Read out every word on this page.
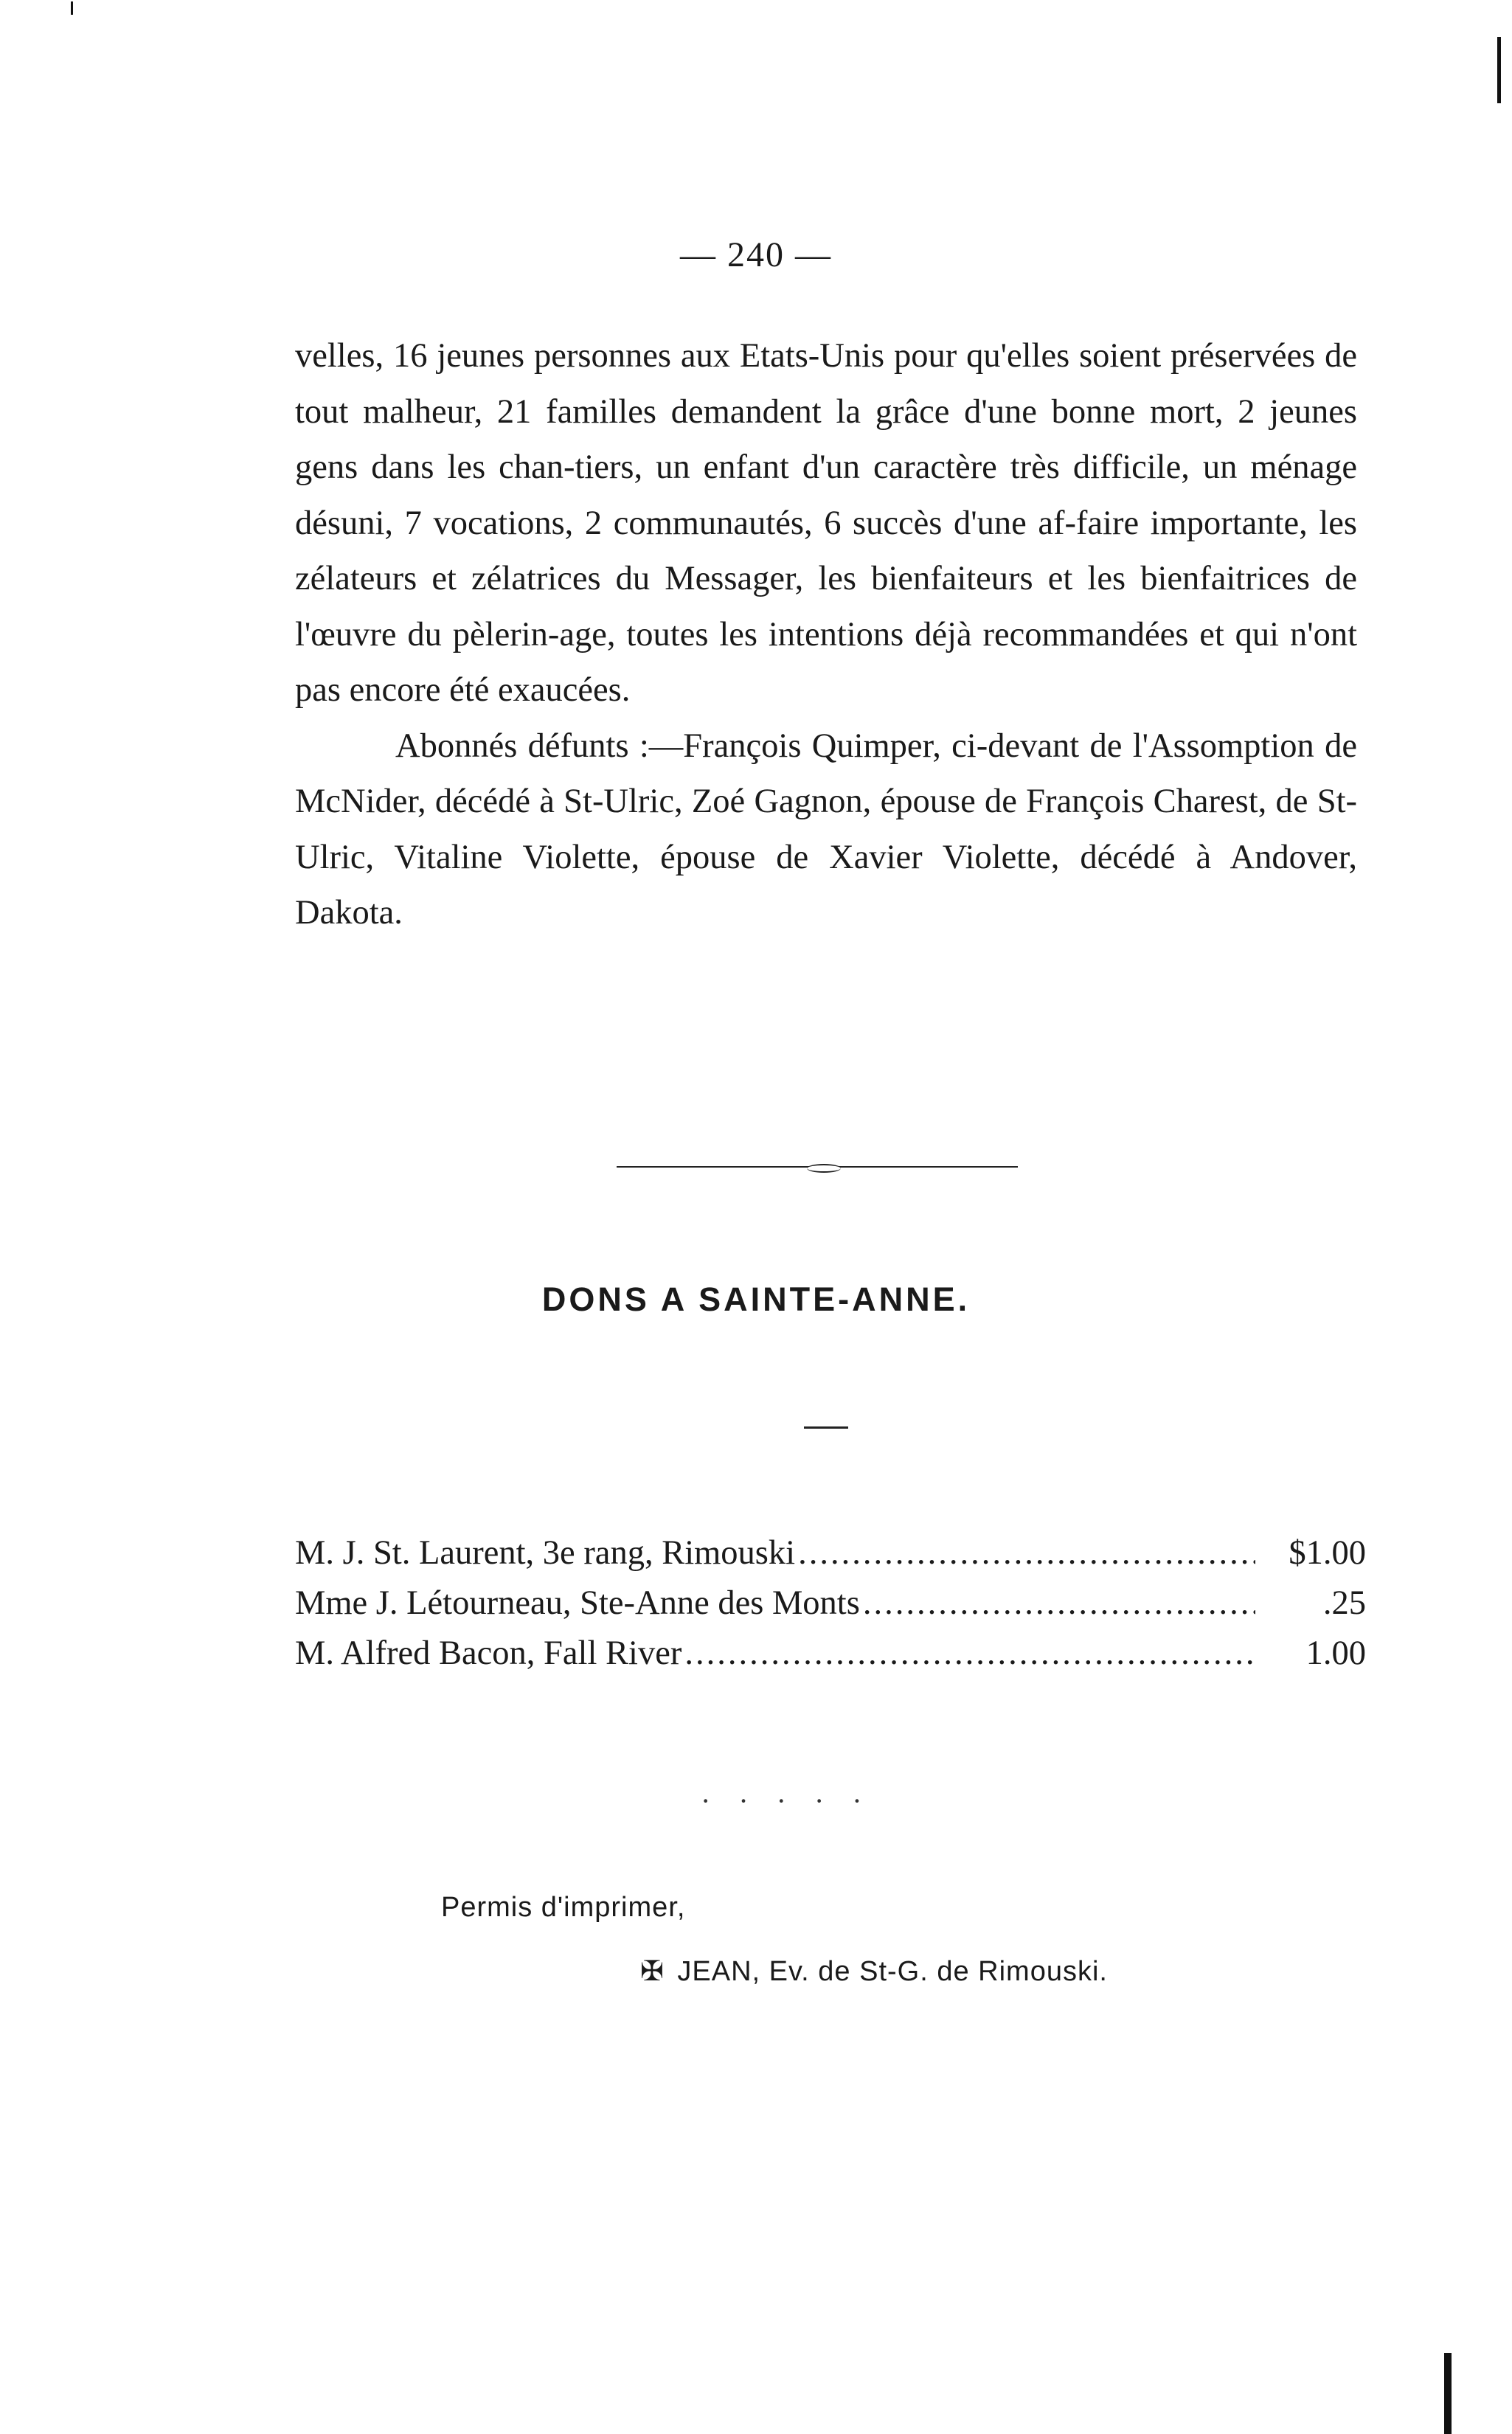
— 240 —

velles, 16 jeunes personnes aux Etats-Unis pour qu'elles soient préservées de tout malheur, 21 familles demandent la grâce d'une bonne mort, 2 jeunes gens dans les chan-tiers, un enfant d'un caractère très difficile, un ménage désuni, 7 vocations, 2 communautés, 6 succès d'une af-faire importante, les zélateurs et zélatrices du Messager, les bienfaiteurs et les bienfaitrices de l'œuvre du pèlerin-age, toutes les intentions déjà recommandées et qui n'ont pas encore été exaucées.

Abonnés défunts :—François Quimper, ci-devant de l'Assomption de McNider, décédé à St-Ulric, Zoé Gagnon, épouse de François Charest, de St-Ulric, Vitaline Violette, épouse de Xavier Violette, décédé à Andover, Dakota.

DONS A SAINTE-ANNE.
M. J. St. Laurent, 3e rang, Rimouski .....	$1.00
Mme J. Létourneau, Ste-Anne des Monts .....	.25
M. Alfred Bacon, Fall River .....	1.00
·····
Permis d'imprimer,
✠ JEAN, Ev. de St-G. de Rimouski.
